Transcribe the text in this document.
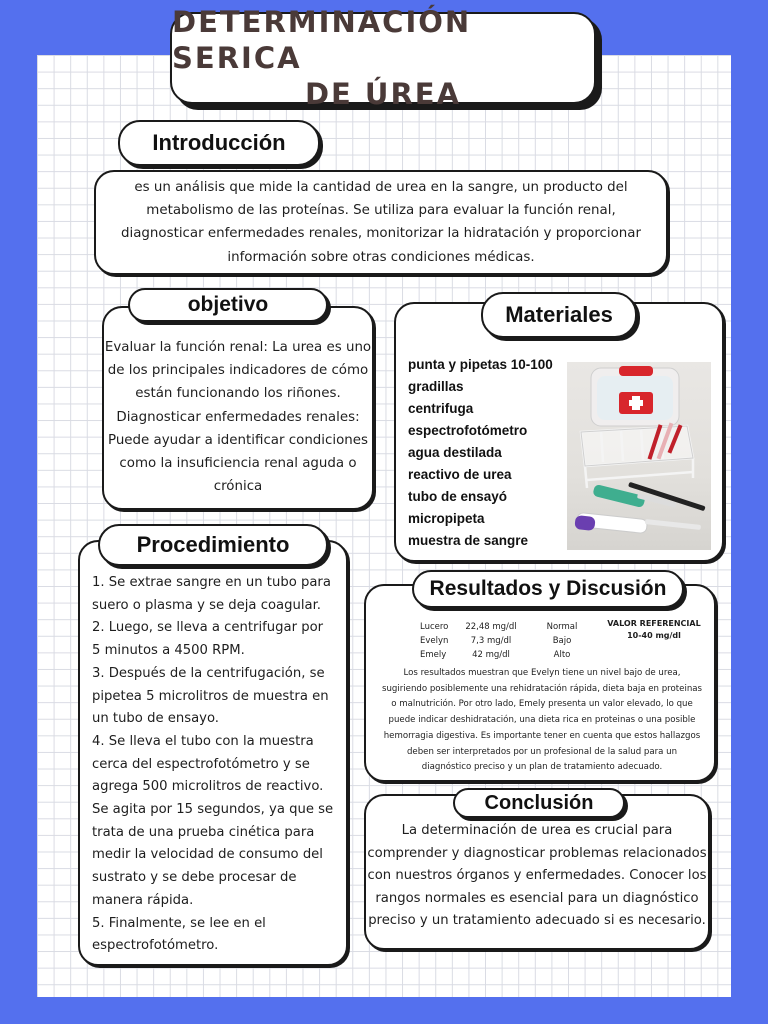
DETERMINACIÓN SERICA
DE ÚREA
Introducción
es un análisis que mide la cantidad de urea en la sangre, un producto del
metabolismo de las proteínas. Se utiliza para evaluar la función renal,
diagnosticar enfermedades renales, monitorizar la hidratación y proporcionar
información sobre otras condiciones médicas.
objetivo
Evaluar la función renal: La urea es uno
de los principales indicadores de cómo
están funcionando los riñones.
Diagnosticar enfermedades renales:
Puede ayudar a identificar condiciones
como la insuficiencia renal aguda o
crónica
Materiales
punta y pipetas 10-100
gradillas
centrifuga
espectrofotómetro
agua destilada
reactivo de urea
tubo de ensayó
micropipeta
muestra de sangre
Procedimiento
1. Se extrae sangre en un tubo para
suero o plasma y se deja coagular.
2. Luego, se lleva a centrifugar por
5 minutos a 4500 RPM.
3. Después de la centrifugación, se
pipetea 5 microlitros de muestra en
un tubo de ensayo.
4. Se lleva el tubo con la muestra
cerca del espectrofotómetro y se
agrega 500 microlitros de reactivo.
Se agita por 15 segundos, ya que se
trata de una prueba cinética para
medir la velocidad de consumo del
sustrato y se debe procesar de
manera rápida.
5. Finalmente, se lee en el
espectrofotómetro.
Resultados y Discusión
Lucero
Evelyn
Emely
22,48 mg/dl
7,3 mg/dl
42 mg/dl
Normal
Bajo
Alto
VALOR REFERENCIAL
10-40 mg/dl
Los resultados muestran que Evelyn tiene un nivel bajo de urea,
sugiriendo posiblemente una rehidratación rápida, dieta baja en proteinas
o malnutrición. Por otro lado, Emely presenta un valor elevado, lo que
puede indicar deshidratación, una dieta rica en proteinas o una posible
hemorragia digestiva. Es importante tener en cuenta que estos hallazgos
deben ser interpretados por un profesional de la salud para un
diagnóstico preciso y un plan de tratamiento adecuado.
Conclusión
La determinación de urea es crucial para
comprender y diagnosticar problemas relacionados
con nuestros órganos y enfermedades. Conocer los
rangos normales es esencial para un diagnóstico
preciso y un tratamiento adecuado si es necesario.
